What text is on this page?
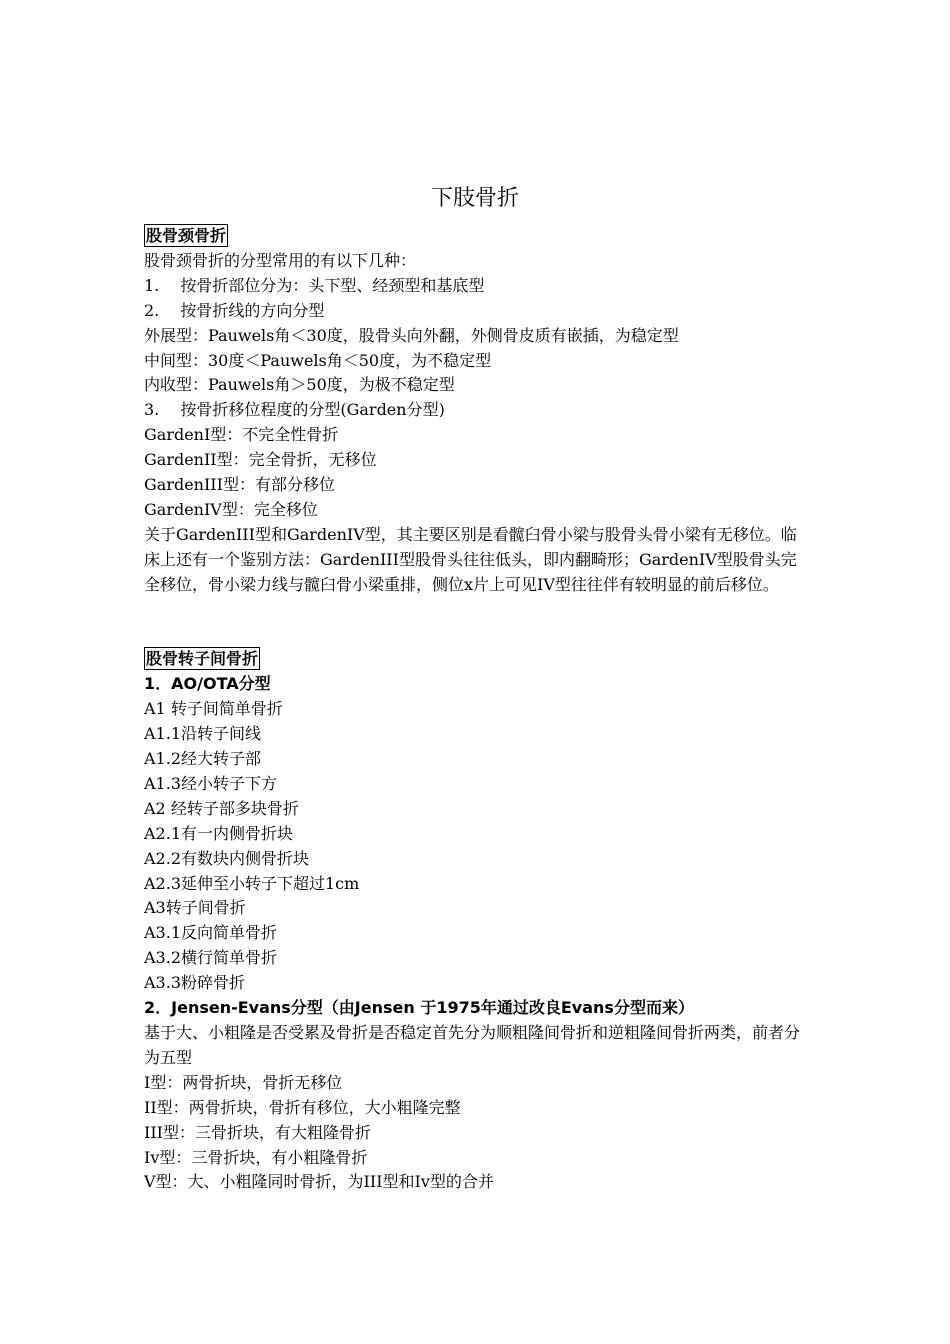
下肢骨折
股骨颈骨折
股骨颈骨折的分型常用的有以下几种：
1.　 按骨折部位分为：头下型、经颈型和基底型
2.　 按骨折线的方向分型
外展型：Pauwels角＜30度，股骨头向外翻，外侧骨皮质有嵌插，为稳定型
中间型：30度＜Pauwels角＜50度，为不稳定型
内收型：Pauwels角＞50度，为极不稳定型
3.　 按骨折移位程度的分型(Garden分型)
GardenI型：不完全性骨折
GardenII型：完全骨折，无移位
GardenIII型：有部分移位
GardenIV型：完全移位
关于GardenIII型和GardenIV型，其主要区别是看髋臼骨小梁与股骨头骨小梁有无移位。临床上还有一个鉴别方法：GardenIII型股骨头往往低头，即内翻畸形；GardenIV型股骨头完全移位，骨小梁力线与髋臼骨小梁重排，侧位x片上可见IV型往往伴有较明显的前后移位。
股骨转子间骨折
1．AO/OTA分型
A1 转子间简单骨折
A1.1沿转子间线
A1.2经大转子部
A1.3经小转子下方
A2 经转子部多块骨折
A2.1有一内侧骨折块
A2.2有数块内侧骨折块
A2.3延伸至小转子下超过1cm
A3转子间骨折
A3.1反向简单骨折
A3.2横行简单骨折
A3.3粉碎骨折
2．Jensen-Evans分型（由Jensen 于1975年通过改良Evans分型而来）
基于大、小粗隆是否受累及骨折是否稳定首先分为顺粗隆间骨折和逆粗隆间骨折两类，前者分为五型
I型：两骨折块，骨折无移位
II型：两骨折块，骨折有移位，大小粗隆完整
III型：三骨折块，有大粗隆骨折
Iv型：三骨折块，有小粗隆骨折
V型：大、小粗隆同时骨折，为III型和Iv型的合并
